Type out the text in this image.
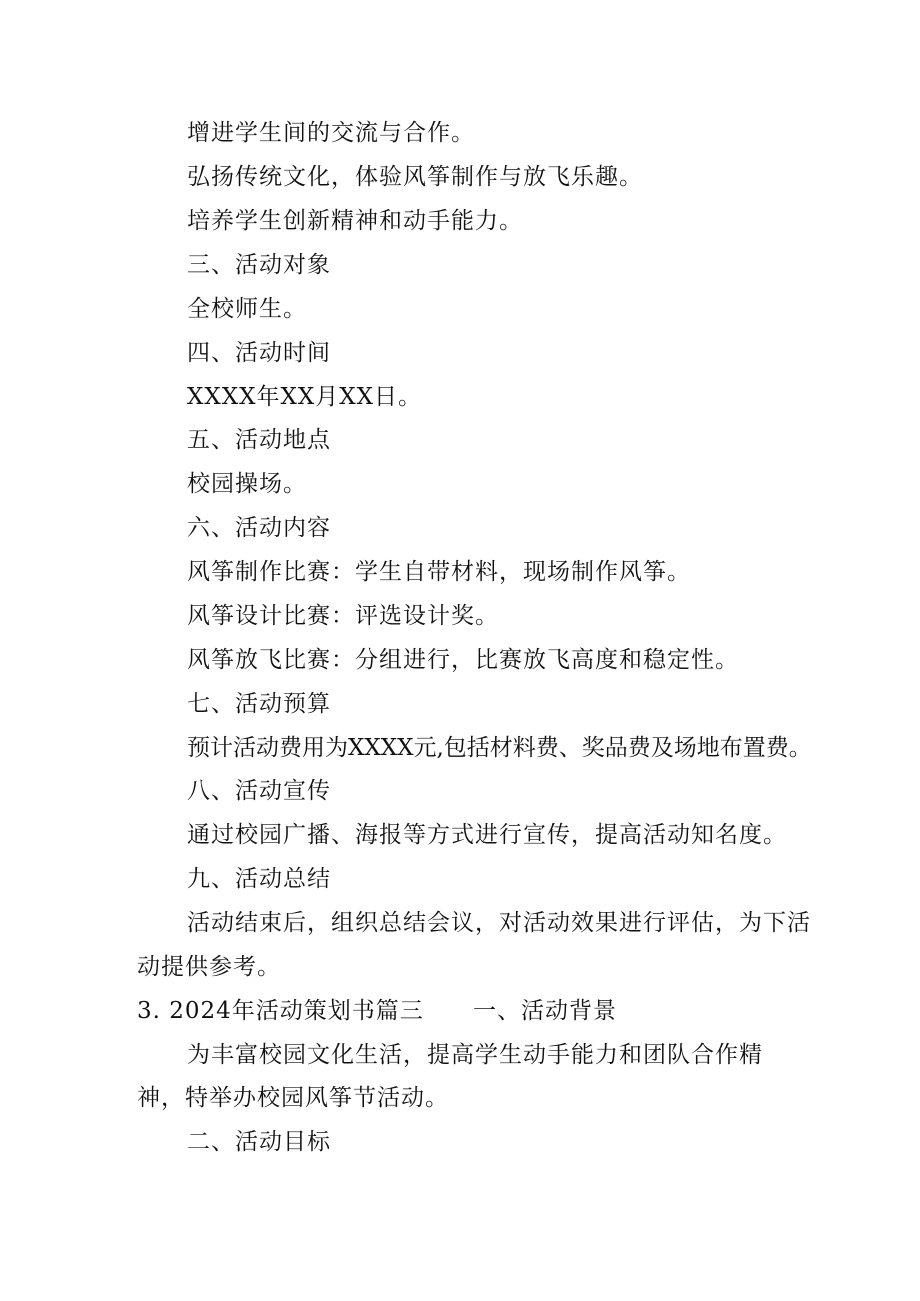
增进学生间的交流与合作。
弘扬传统文化，体验风筝制作与放飞乐趣。
培养学生创新精神和动手能力。
三、活动对象
全校师生。
四、活动时间
XXXX年XX月XX日。
五、活动地点
校园操场。
六、活动内容
风筝制作比赛：学生自带材料，现场制作风筝。
风筝设计比赛：评选设计奖。
风筝放飞比赛：分组进行，比赛放飞高度和稳定性。
七、活动预算
预计活动费用为XXXX元,包括材料费、奖品费及场地布置费。
八、活动宣传
通过校园广播、海报等方式进行宣传，提高活动知名度。
九、活动总结
活动结束后，组织总结会议，对活动效果进行评估，为下活
动提供参考。
3. 2024年活动策划书篇三 一、活动背景
为丰富校园文化生活，提高学生动手能力和团队合作精
神，特举办校园风筝节活动。
二、活动目标
